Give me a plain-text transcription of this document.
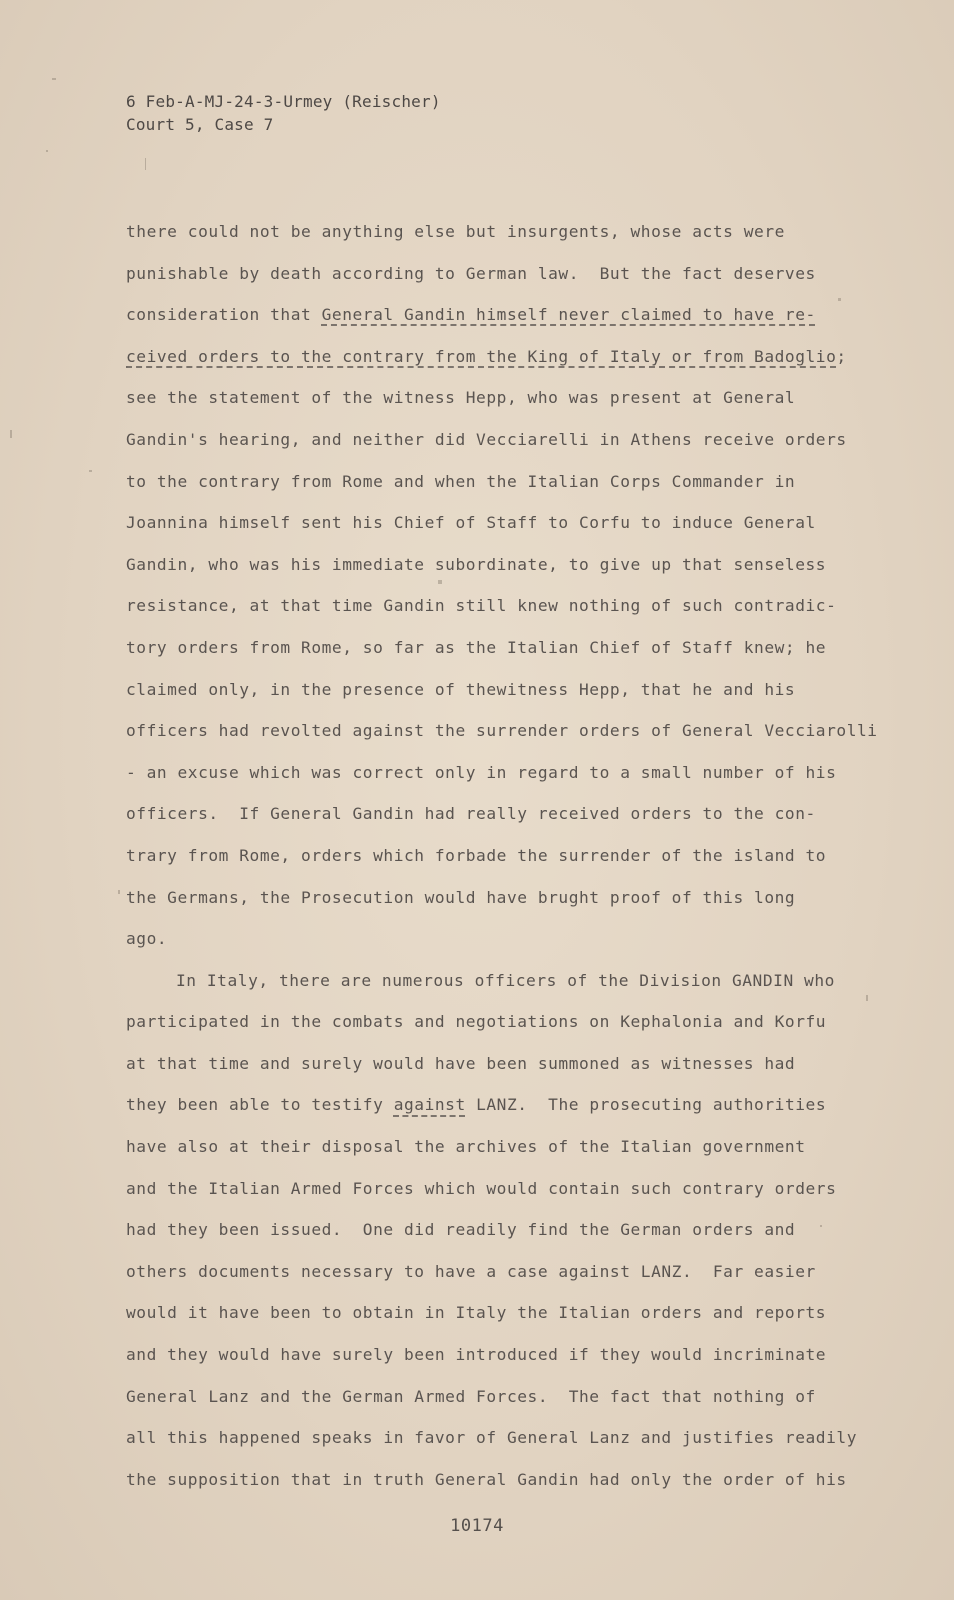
6 Feb-A-MJ-24-3-Urmey (Reischer)
Court 5, Case 7
there could not be anything else but insurgents, whose acts were
punishable by death according to German law.  But the fact deserves
consideration that General Gandin himself never claimed to have re-
ceived orders to the contrary from the King of Italy or from Badoglio;
see the statement of the witness Hepp, who was present at General
Gandin's hearing, and neither did Vecciarelli in Athens receive orders
to the contrary from Rome and when the Italian Corps Commander in
Joannina himself sent his Chief of Staff to Corfu to induce General
Gandin, who was his immediate subordinate, to give up that senseless
resistance, at that time Gandin still knew nothing of such contradic-
tory orders from Rome, so far as the Italian Chief of Staff knew; he
claimed only, in the presence of thewitness Hepp, that he and his
officers had revolted against the surrender orders of General Vecciarolli
- an excuse which was correct only in regard to a small number of his
officers.  If General Gandin had really received orders to the con-
trary from Rome, orders which forbade the surrender of the island to
the Germans, the Prosecution would have brught proof of this long
ago.
In Italy, there are numerous officers of the Division GANDIN who
participated in the combats and negotiations on Kephalonia and Korfu
at that time and surely would have been summoned as witnesses had
they been able to testify against LANZ.  The prosecuting authorities
have also at their disposal the archives of the Italian government
and the Italian Armed Forces which would contain such contrary orders
had they been issued.  One did readily find the German orders and
others documents necessary to have a case against LANZ.  Far easier
would it have been to obtain in Italy the Italian orders and reports
and they would have surely been introduced if they would incriminate
General Lanz and the German Armed Forces.  The fact that nothing of
all this happened speaks in favor of General Lanz and justifies readily
the supposition that in truth General Gandin had only the order of his
10174
